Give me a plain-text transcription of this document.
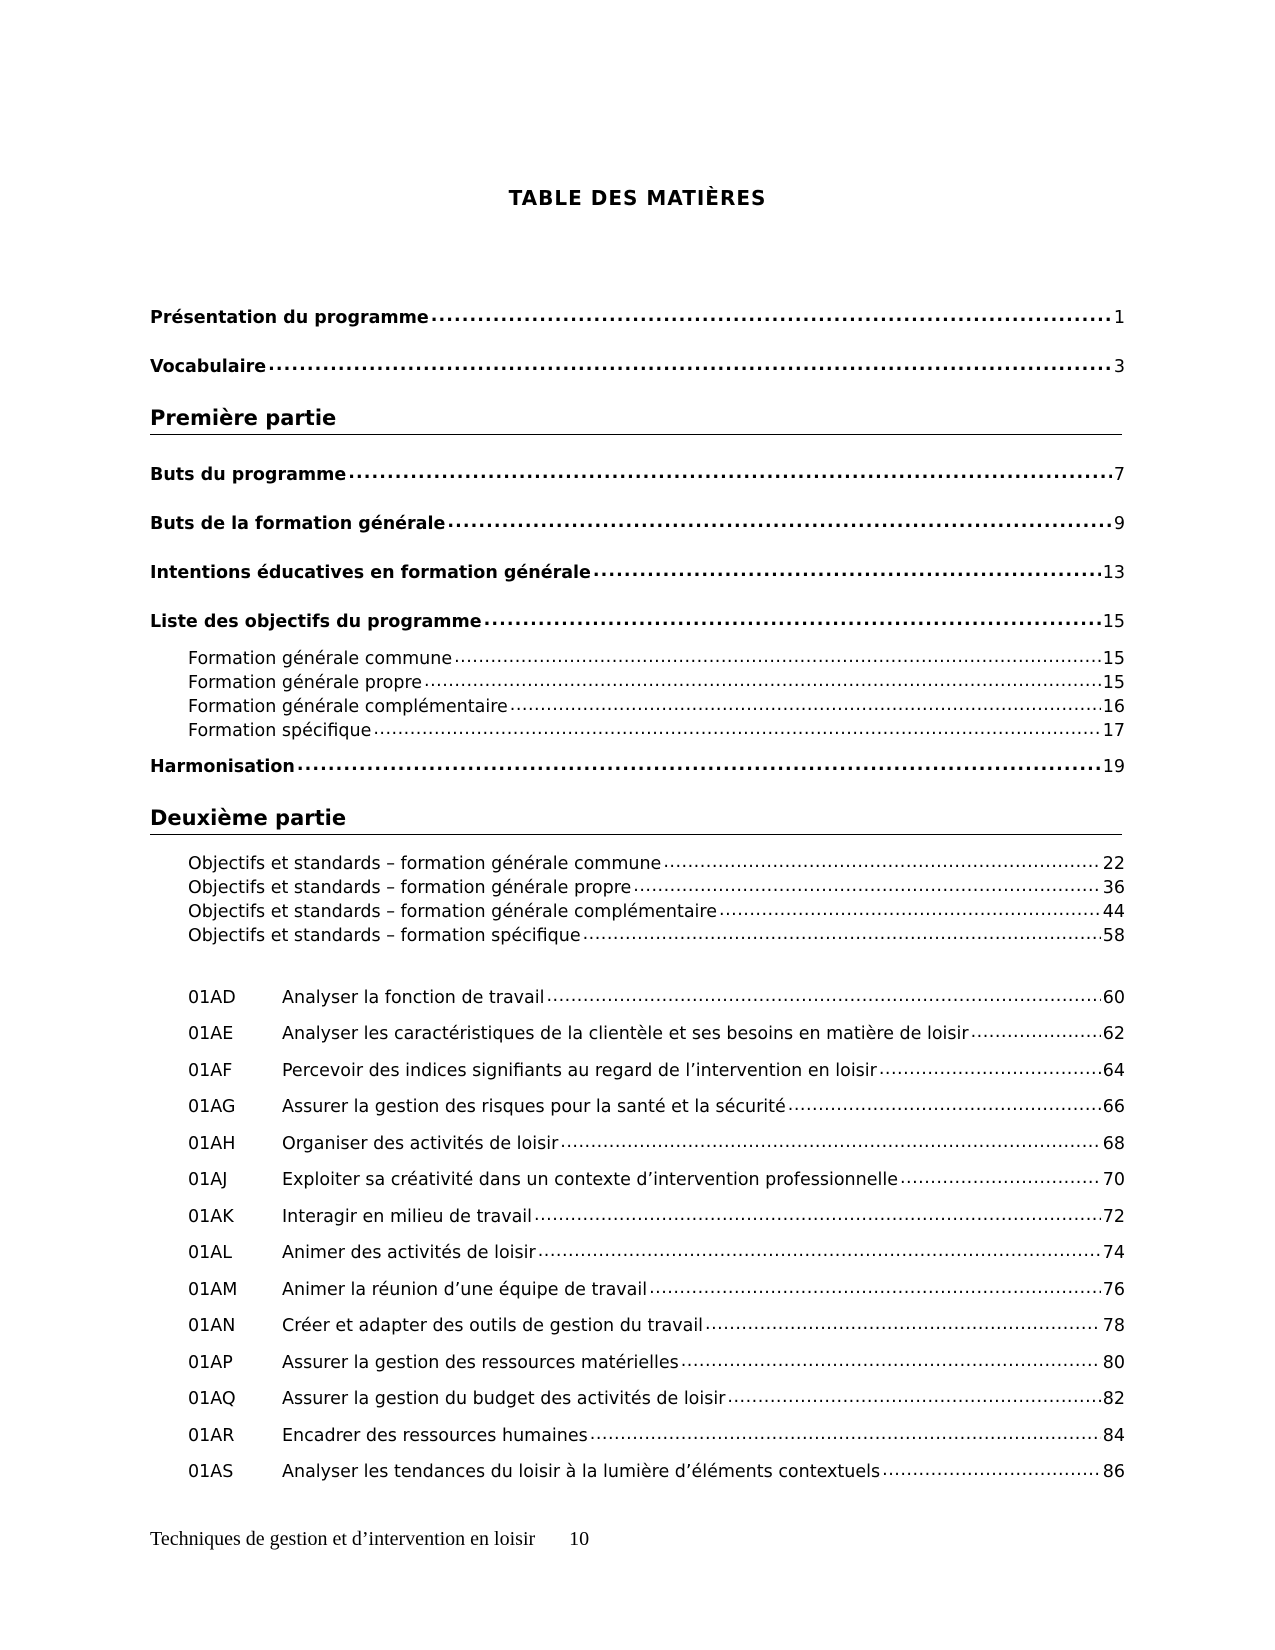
TABLE DES MATIÈRES
Présentation du programme .....	1
Vocabulaire .....	3
Première partie
Buts du programme .....	7
Buts de la formation générale .....	9
Intentions éducatives en formation générale .....	13
Liste des objectifs du programme .....	15
Formation générale commune .....	15
Formation générale propre .....	15
Formation générale complémentaire .....	16
Formation spécifique .....	17
Harmonisation .....	19
Deuxième partie
Objectifs et standards – formation générale commune .....	22
Objectifs et standards – formation générale propre .....	36
Objectifs et standards – formation générale complémentaire .....	44
Objectifs et standards – formation spécifique .....	58
01AD	Analyser la fonction de travail .....	60
01AE	Analyser les caractéristiques de la clientèle et ses besoins en matière de loisir .....	62
01AF	Percevoir des indices signifiants au regard de l’intervention en loisir .....	64
01AG	Assurer la gestion des risques pour la santé et la sécurité .....	66
01AH	Organiser des activités de loisir .....	68
01AJ	Exploiter sa créativité dans un contexte d’intervention professionnelle .....	70
01AK	Interagir en milieu de travail .....	72
01AL	Animer des activités de loisir .....	74
01AM	Animer la réunion d’une équipe de travail .....	76
01AN	Créer et adapter des outils de gestion du travail .....	78
01AP	Assurer la gestion des ressources matérielles .....	80
01AQ	Assurer la gestion du budget des activités de loisir .....	82
01AR	Encadrer des ressources humaines .....	84
01AS	Analyser les tendances du loisir à la lumière d’éléments contextuels .....	86
Techniques de gestion et d’intervention en loisir 10
